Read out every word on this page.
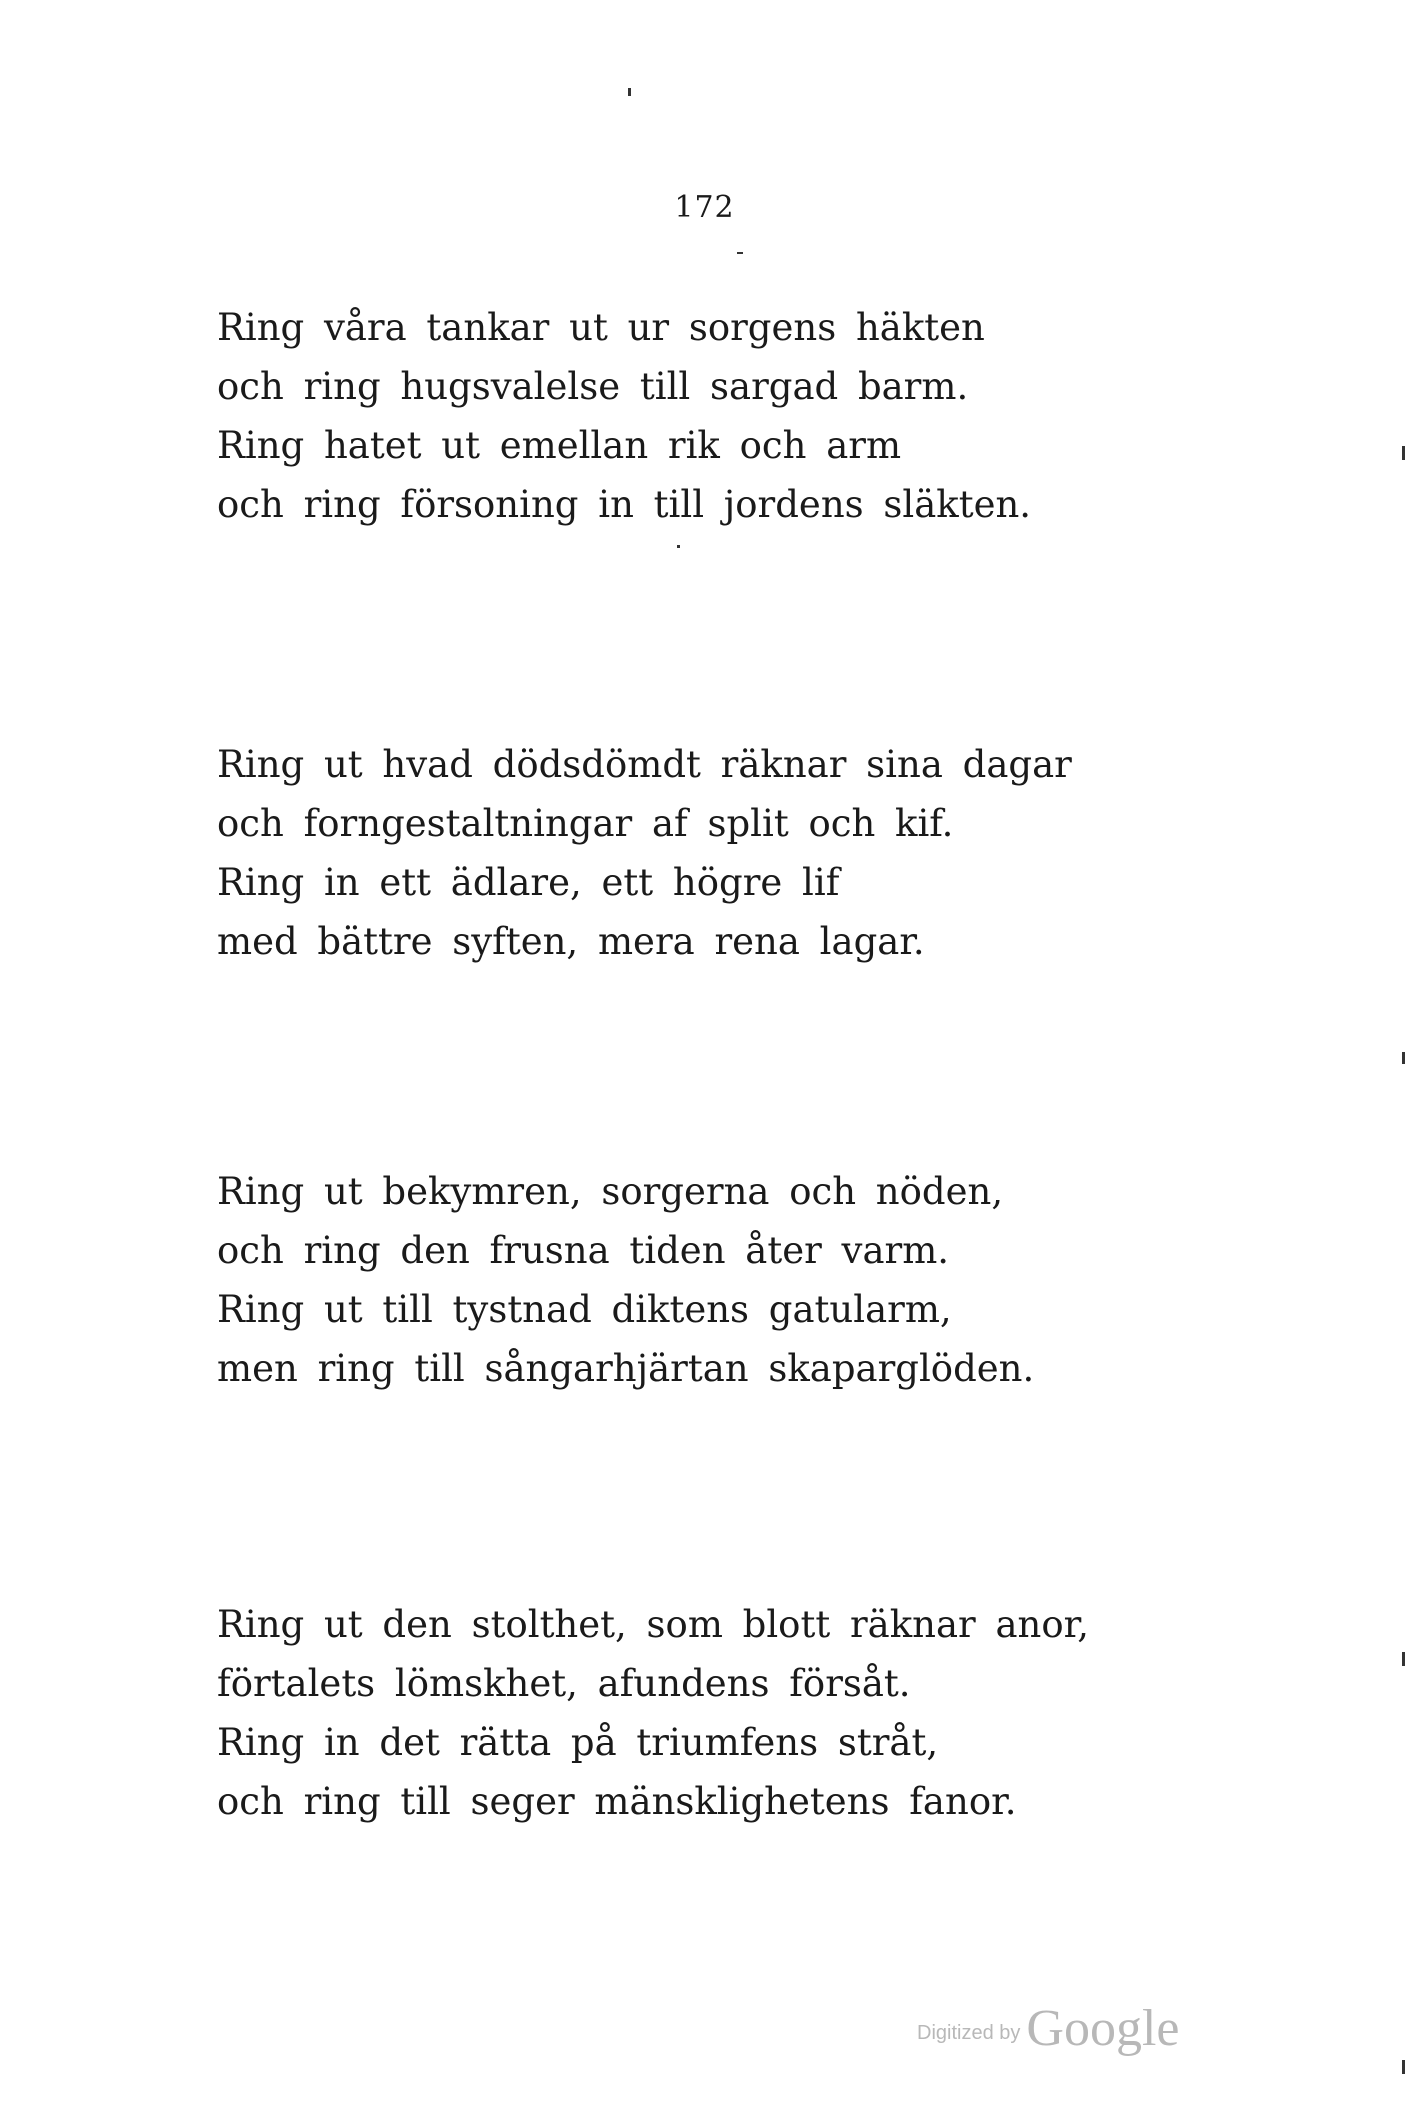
172
Ring våra tankar ut ur sorgens häkten
och ring hugsvalelse till sargad barm.
Ring hatet ut emellan rik och arm
och ring försoning in till jordens släkten.
Ring ut hvad dödsdömdt räknar sina dagar
och forngestaltningar af split och kif.
Ring in ett ädlare, ett högre lif
med bättre syften, mera rena lagar.
Ring ut bekymren, sorgerna och nöden,
och ring den frusna tiden åter varm.
Ring ut till tystnad diktens gatularm,
men ring till sångarhjärtan skaparglöden.
Ring ut den stolthet, som blott räknar anor,
förtalets lömskhet, afundens försåt.
Ring in det rätta på triumfens stråt,
och ring till seger mänsklighetens fanor.
Digitized by Google
